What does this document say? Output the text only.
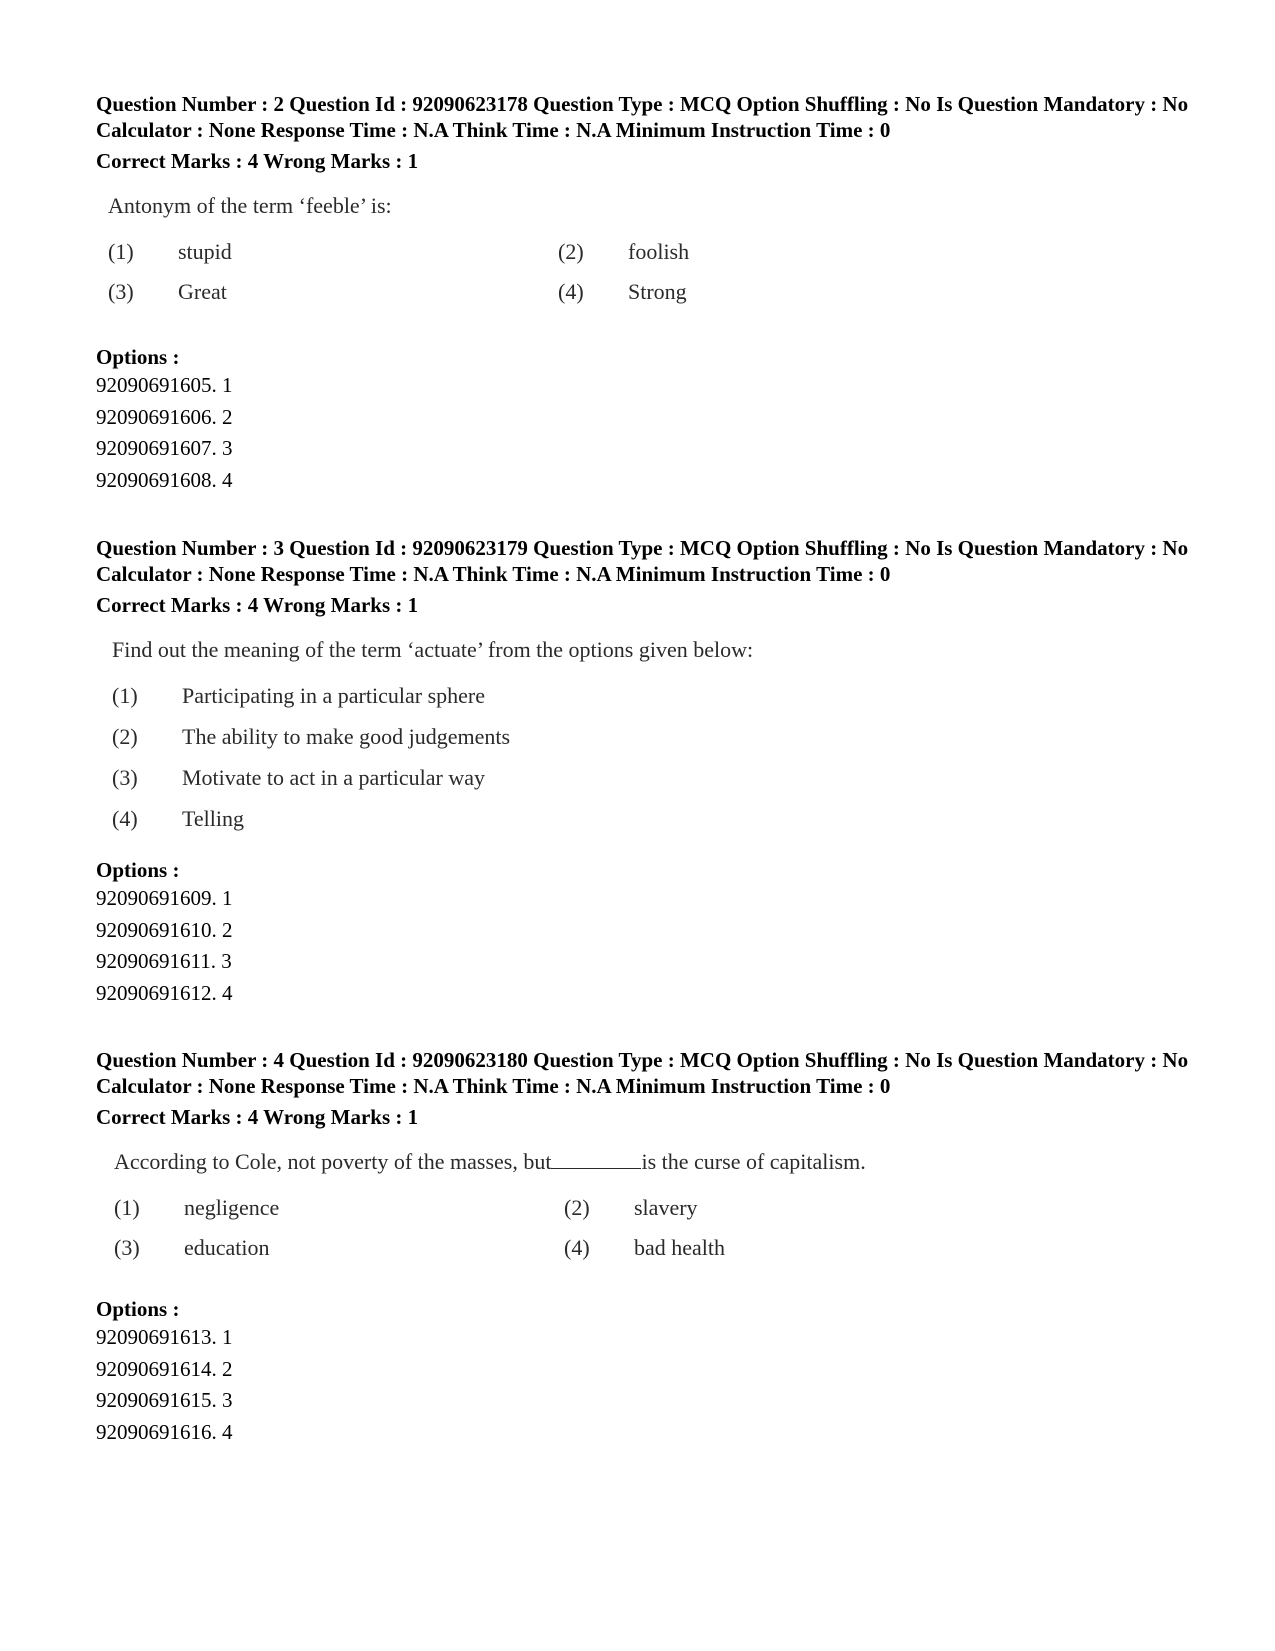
Question Number : 2 Question Id : 92090623178 Question Type : MCQ Option Shuffling : No Is Question Mandatory : No Calculator : None Response Time : N.A Think Time : N.A Minimum Instruction Time : 0

Correct Marks : 4 Wrong Marks : 1
Antonym of the term ‘feeble’ is:
(1)	stupid	(2)	foolish
(3)	Great	(4)	Strong
Options :
92090691605. 1
92090691606. 2
92090691607. 3
92090691608. 4

Question Number : 3 Question Id : 92090623179 Question Type : MCQ Option Shuffling : No Is Question Mandatory : No Calculator : None Response Time : N.A Think Time : N.A Minimum Instruction Time : 0

Correct Marks : 4 Wrong Marks : 1
Find out the meaning of the term ‘actuate’ from the options given below:
(1)	Participating in a particular sphere
(2)	The ability to make good judgements
(3)	Motivate to act in a particular way
(4)	Telling
Options :
92090691609. 1
92090691610. 2
92090691611. 3
92090691612. 4

Question Number : 4 Question Id : 92090623180 Question Type : MCQ Option Shuffling : No Is Question Mandatory : No Calculator : None Response Time : N.A Think Time : N.A Minimum Instruction Time : 0

Correct Marks : 4 Wrong Marks : 1
According to Cole, not poverty of the masses, but	is the curse of capitalism.
(1)	negligence	(2)	slavery
(3)	education	(4)	bad health
Options :
92090691613. 1
92090691614. 2
92090691615. 3
92090691616. 4
